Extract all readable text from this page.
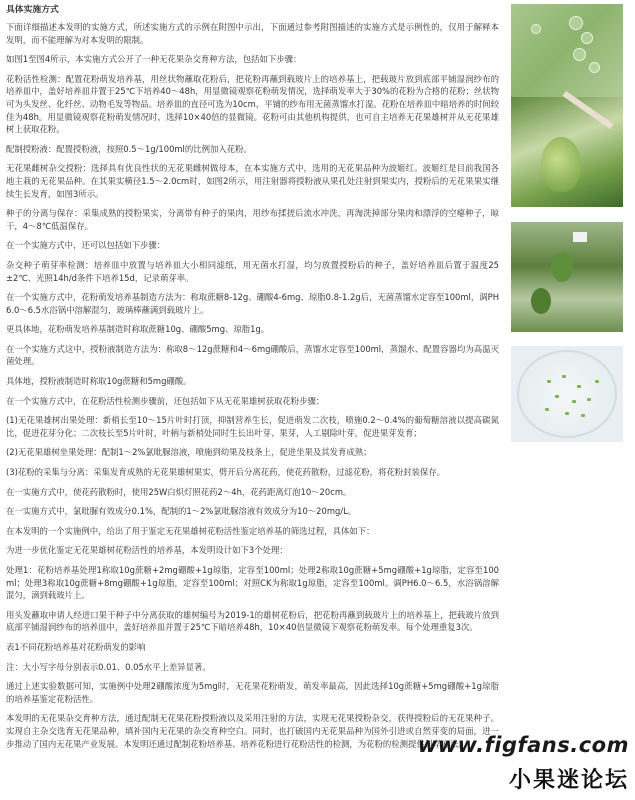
具体实施方式
下面详细描述本发明的实施方式，所述实施方式的示例在附图中示出，下面通过参考附图描述的实施方式是示例性的，仅用于解释本发明，而不能理解为对本发明的限制。
如图1至图4所示，本实施方式公开了一种无花果杂交育种方法，包括如下步骤：
花粉活性检测：配置花粉萌发培养基，用丝状物蘸取花粉后，把花粉再蘸到载玻片上的培养基上，把载玻片放到底部平铺湿润纱布的培养皿中，盖好培养皿并置于25℃下培养40～48h，用显微镜观察花粉萌发情况，选择萌发率大于30%的花粉为合格的花粉；丝状物可为头发丝、化纤丝、动物毛发等物品。培养皿的直径可选为10cm，平铺的纱布用无菌蒸馏水打湿。花粉在培养皿中暗培养的时间较佳为48h。用显微镜观察花粉萌发情况时，选择10×40倍的显微镜。花粉可由其他机构提供，也可自主培养无花果雄树并从无花果雄树上获取花粉。
配制授粉液：配置授粉液，按照0.5～1g/100ml的比例加入花粉。
无花果雌树杂交授粉：选择具有优良性状的无花果雌树做母本，在本实施方式中，选用的无花果品种为波姬红。波姬红是目前我国各地主栽的无花果品种。在其果实横径1.5～2.0cm时，如图2所示，用注射器将授粉液从果孔处注射到果实内，授粉后的无花果果实继续生长发育，如图3所示。
种子的分离与保存：采集成熟的授粉果实，分离带有种子的果肉，用纱布揉搓后流水冲洗，再淘洗掉部分果肉和漂浮的空瘪种子，晾干，4～8℃低温保存。
在一个实施方式中，还可以包括如下步骤：
杂交种子萌芽率检测：培养皿中放置与培养皿大小相同滤纸，用无菌水打湿，均匀放置授粉后的种子，盖好培养皿后置于温度25±2℃、光照14h/d条件下培养15d，记录萌芽率。
在一个实施方式中，花粉萌发培养基制造方法为：称取蔗糖8-12g、硼酸4-6mg、琼脂0.8-1.2g后，无菌蒸馏水定容至100ml，调PH6.0～6.5水浴锅中溶解混匀，玻璃棒蘸满到载玻片上。
更具体地，花粉萌发培养基制造时称取蔗糖10g、硼酸5mg、琼脂1g。
在一个实施方式这中，授粉液制造方法为：称取8～12g蔗糖和4～6mg硼酸后，蒸馏水定容至100ml，蒸馏水、配置容器均为高温灭菌处理。
具体地，授粉液制造时称取10g蔗糖和5mg硼酸。
在一个实施方式中，在花粉活性检测步骤前，还包括如下从无花果雄树获取花粉步骤：
(1)无花果雄树出果处理：新梢长至10～15片叶时打顶，抑制营养生长，促进萌发二次枝，喷施0.2～0.4%的葡萄糖溶液以提高碳氮比，促进花芽分化；二次枝长至5片叶时，叶柄与新梢处同时生长出叶芽、果芽，人工剔除叶芽，促进果芽发育；
(2)无花果雄树坐果处理：配制1～2%氯吡脲溶液，喷施到幼果及枝条上，促进坐果及其发育成熟；
(3)花粉的采集与分离：采集发育成熟的无花果雄树果实，劈开后分离花药，使花药散粉，过滤花粉，将花粉封装保存。
在一实施方式中，使花药散粉时，使用25W白炽灯照花药2～4h，花药距离灯泡10～20cm。
在一实施方式中，氯吡脲有效成分0.1%，配制的1～2%氯吡脲溶液有效成分为10～20mg/L。
在本发明的一个实施例中，给出了用于鉴定无花果雄树花粉活性鉴定培养基的筛选过程，具体如下：
为进一步优化鉴定无花果雄树花粉活性的培养基，本发明设计如下3个处理：
处理1：花粉培养基处理1称取10g蔗糖+2mg硼酸+1g琼脂，定容至100ml；处理2称取10g蔗糖+5mg硼酸+1g琼脂，定容至100ml；处理3称取10g蔗糖+8mg硼酸+1g琼脂，定容至100ml；对照CK为称取1g琼脂，定容至100ml。调PH6.0～6.5，水浴锅溶解混匀，滴到载玻片上。
用头发蘸取申请人经进口果干种子中分离获取的雄树编号为2019-1的雄树花粉后，把花粉再蘸到载玻片上的培养基上，把载玻片放到底部平铺湿润纱布的培养皿中，盖好培养皿并置于25℃下暗培养48h，10×40倍显微镜下观察花粉萌发率。每个处理重复3次。
表1不同花粉培养基对花粉萌发的影响
注：大小写字母分别表示0.01、0.05水平上差异显著。
通过上述实验数据可知，实施例中处理2硼酸浓度为5mg时，无花果花粉萌发，萌发率最高，因此选择10g蔗糖+5mg硼酸+1g琼脂的培养基鉴定花粉活性。
本发明的无花果杂交育种方法，通过配制无花果花粉授粉液以及采用注射的方法，实现无花果授粉杂交，获得授粉后的无花果种子。实现自主杂交选育无花果品种，填补国内无花果的杂交育种空白。同时，也打破国内无花果品种为国外引进或自然芽变的局面，进一步推动了国内无花果产业发展。本发明还通过配制花粉培养基、培养花粉进行花粉活性的检测，为花粉的检测提供科学方法。
www.figfans.com
小果迷论坛
